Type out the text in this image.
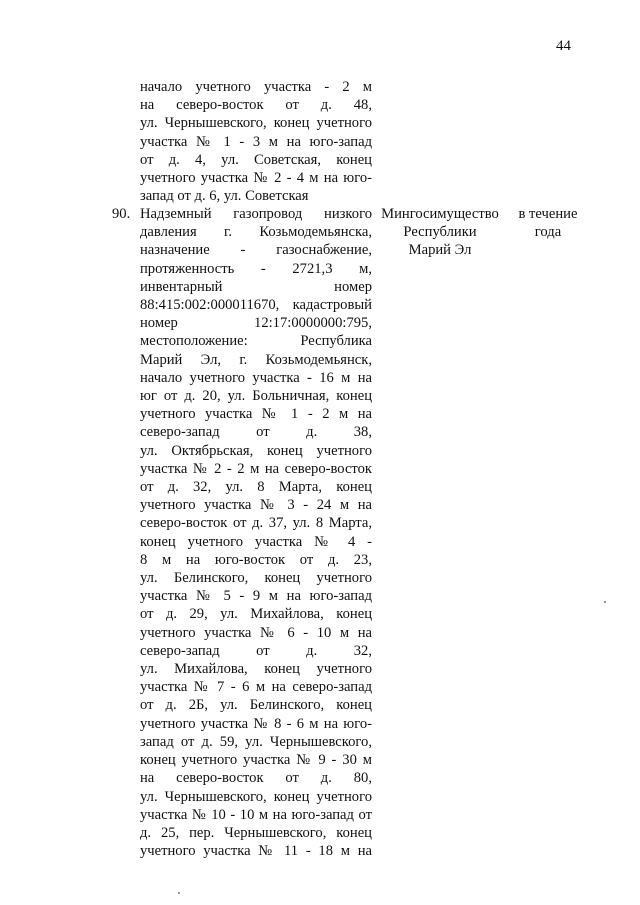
44
начало учетного участка - 2 м
на северо-восток от д. 48,
ул. Чернышевского, конец учетного
участка № 1 - 3 м на юго-запад
от д. 4, ул. Советская, конец
учетного участка № 2 - 4 м на юго-
запад от д. 6, ул. Советская
90. Надземный газопровод низкого
давления г. Козьмодемьянска,
назначение - газоснабжение,
протяженность - 2721,3 м,
инвентарный номер
88:415:002:000011670, кадастровый
номер 12:17:0000000:795,
местоположение: Республика
Марий Эл, г. Козьмодемьянск,
начало учетного участка - 16 м на
юг от д. 20, ул. Больничная, конец
учетного участка № 1 - 2 м на
северо-запад от д. 38,
ул. Октябрьская, конец учетного
участка № 2 - 2 м на северо-восток
от д. 32, ул. 8 Марта, конец
учетного участка № 3 - 24 м на
северо-восток от д. 37, ул. 8 Марта,
конец учетного участка № 4 -
8 м на юго-восток от д. 23,
ул. Белинского, конец учетного
участка № 5 - 9 м на юго-запад
от д. 29, ул. Михайлова, конец
учетного участка № 6 - 10 м на
северо-запад от д. 32,
ул. Михайлова, конец учетного
участка № 7 - 6 м на северо-запад
от д. 2Б, ул. Белинского, конец
учетного участка № 8 - 6 м на юго-
запад от д. 59, ул. Чернышевского,
конец учетного участка № 9 - 30 м
на северо-восток от д. 80,
ул. Чернышевского, конец учетного
участка № 10 - 10 м на юго-запад от
д. 25, пер. Чернышевского, конец
учетного участка № 11 - 18 м на
Мингосимущество
Республики
Марий Эл
в течение
года
